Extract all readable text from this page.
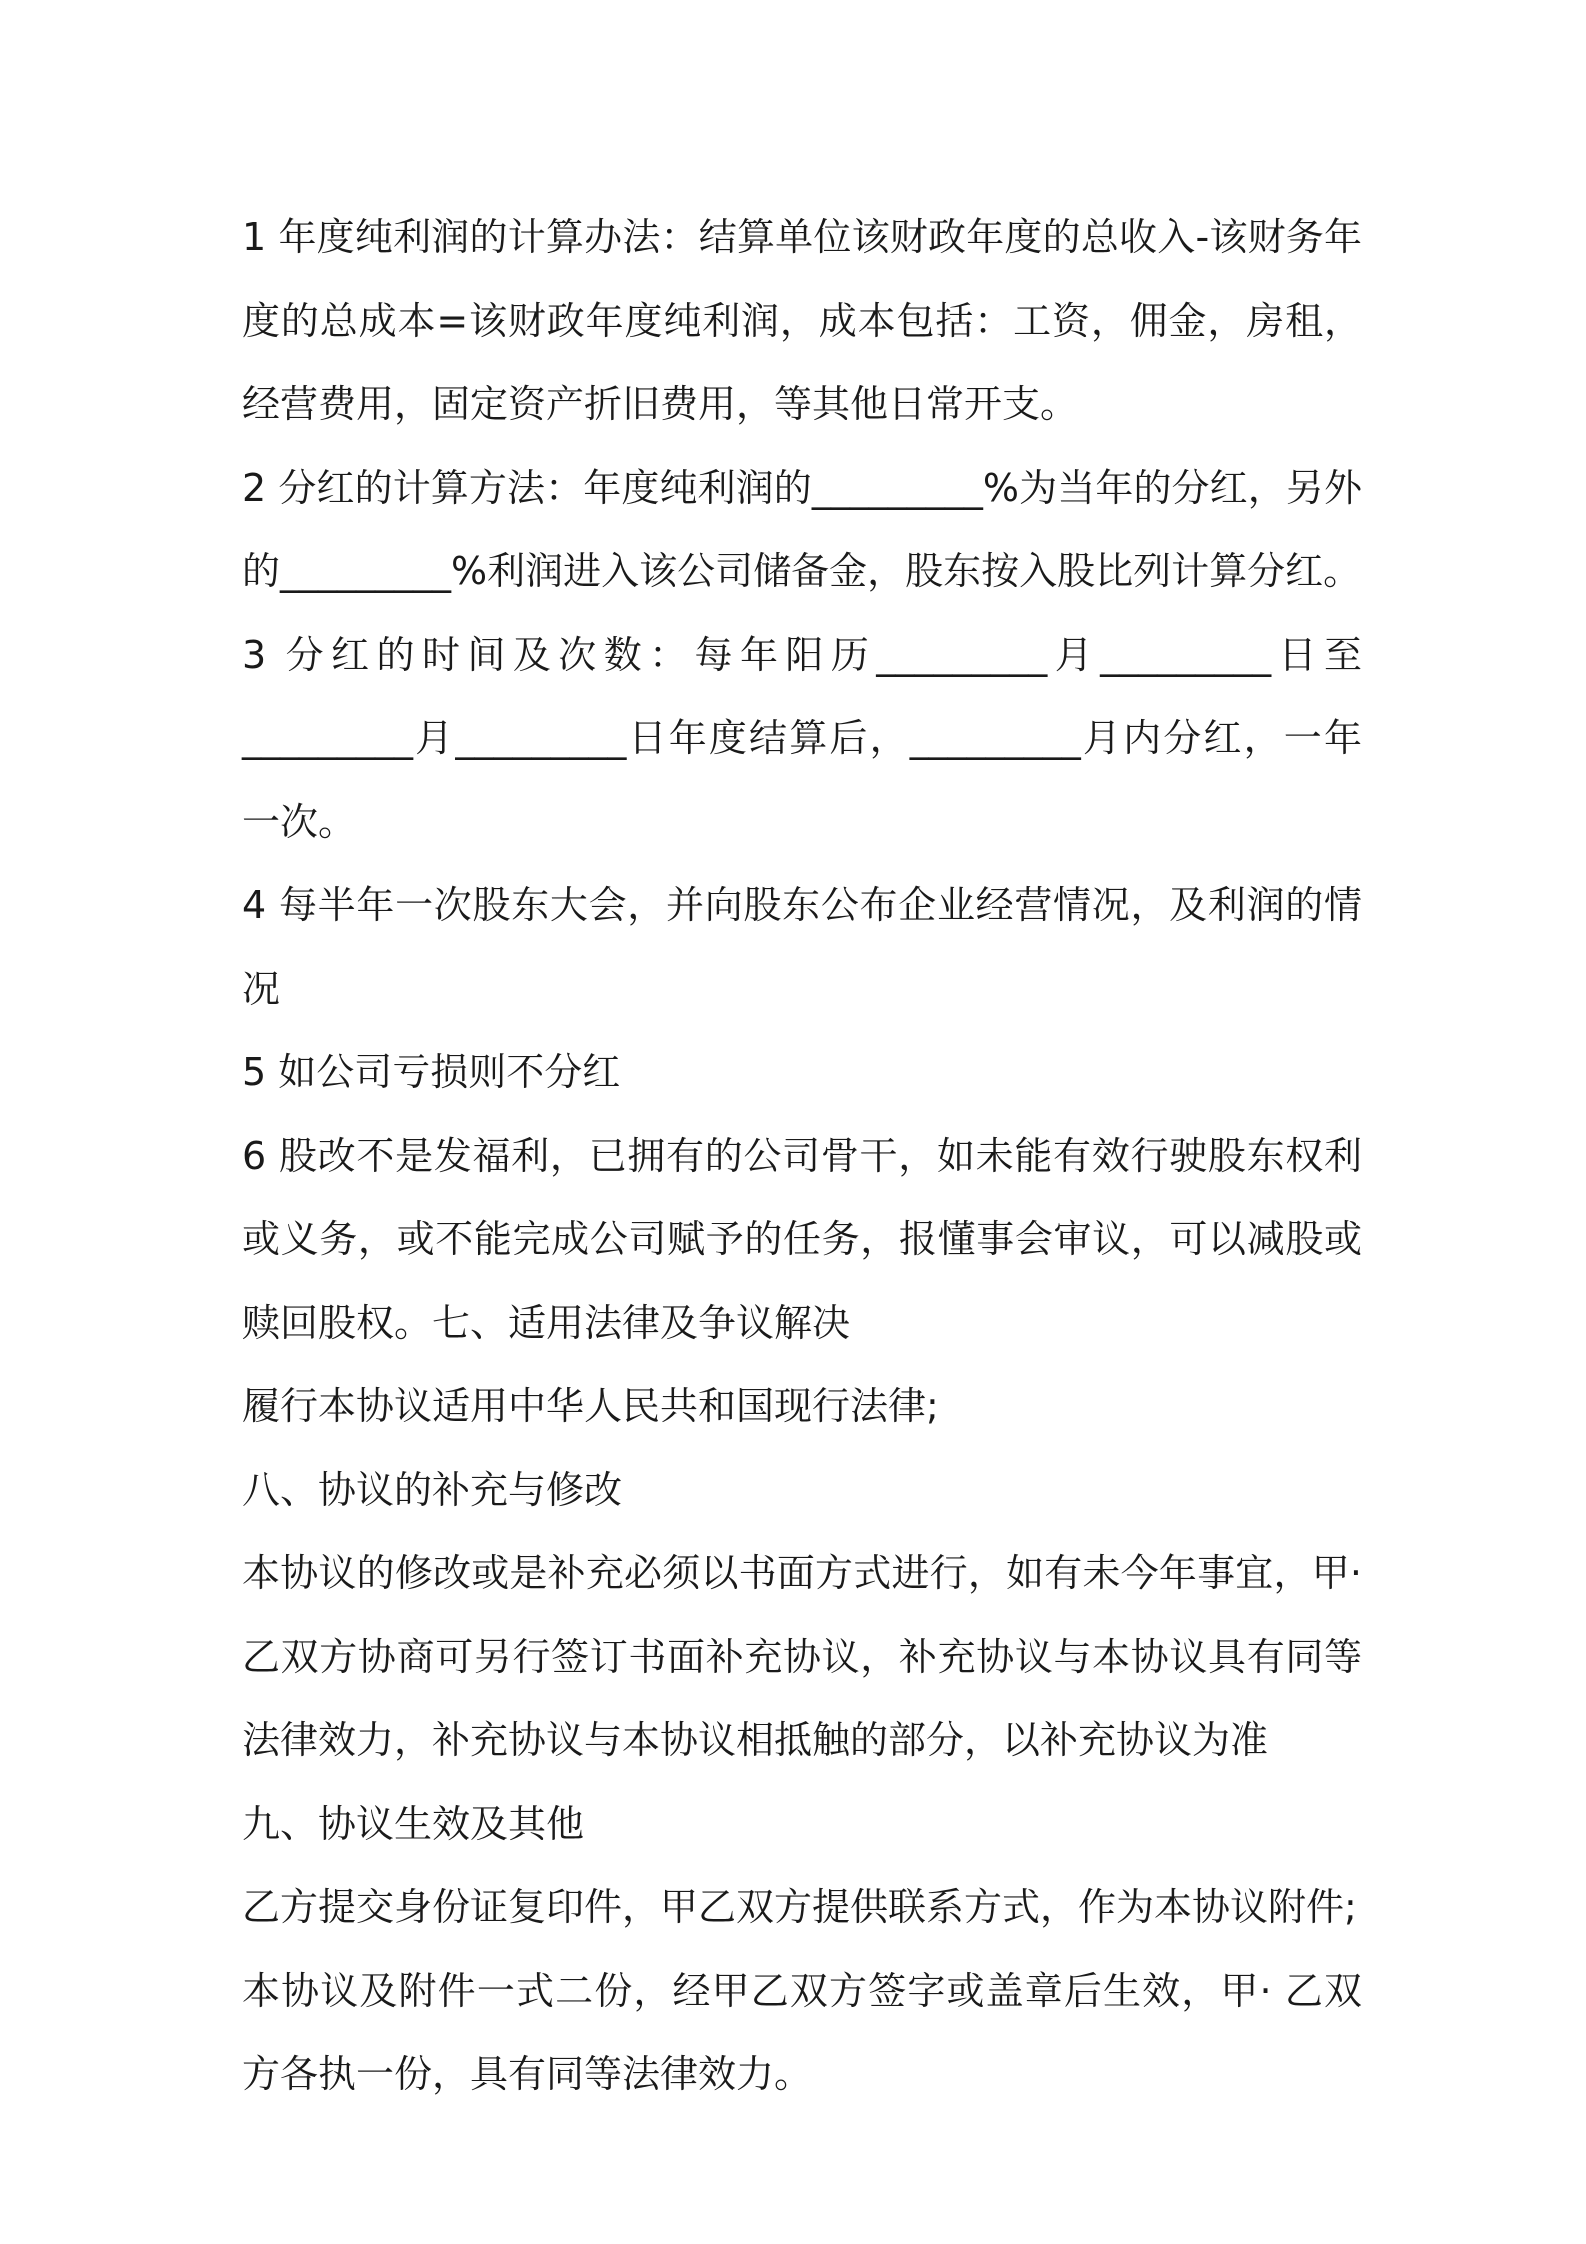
1 年度纯利润的计算办法：结算单位该财政年度的总收入-该财务年度的总成本=该财政年度纯利润，成本包括：工资，佣金，房租，经营费用，固定资产折旧费用，等其他日常开支。

2 分红的计算方法：年度纯利润的_________%为当年的分红，另外的_________%利润进入该公司储备金，股东按入股比列计算分红。

3 分红的时间及次数：每年阳历_________月_________日至_________月_________日年度结算后，_________月内分红，一年一次。

4 每半年一次股东大会，并向股东公布企业经营情况，及利润的情况

5 如公司亏损则不分红

6 股改不是发福利，已拥有的公司骨干，如未能有效行驶股东权利或义务，或不能完成公司赋予的任务，报懂事会审议，可以减股或赎回股权。七、适用法律及争议解决

履行本协议适用中华人民共和国现行法律;

八、协议的补充与修改

本协议的修改或是补充必须以书面方式进行，如有未今年事宜，甲·乙双方协商可另行签订书面补充协议，补充协议与本协议具有同等法律效力，补充协议与本协议相抵触的部分，以补充协议为准

九、协议生效及其他

乙方提交身份证复印件，甲乙双方提供联系方式，作为本协议附件;

本协议及附件一式二份，经甲乙双方签字或盖章后生效，甲· 乙双方各执一份，具有同等法律效力。
